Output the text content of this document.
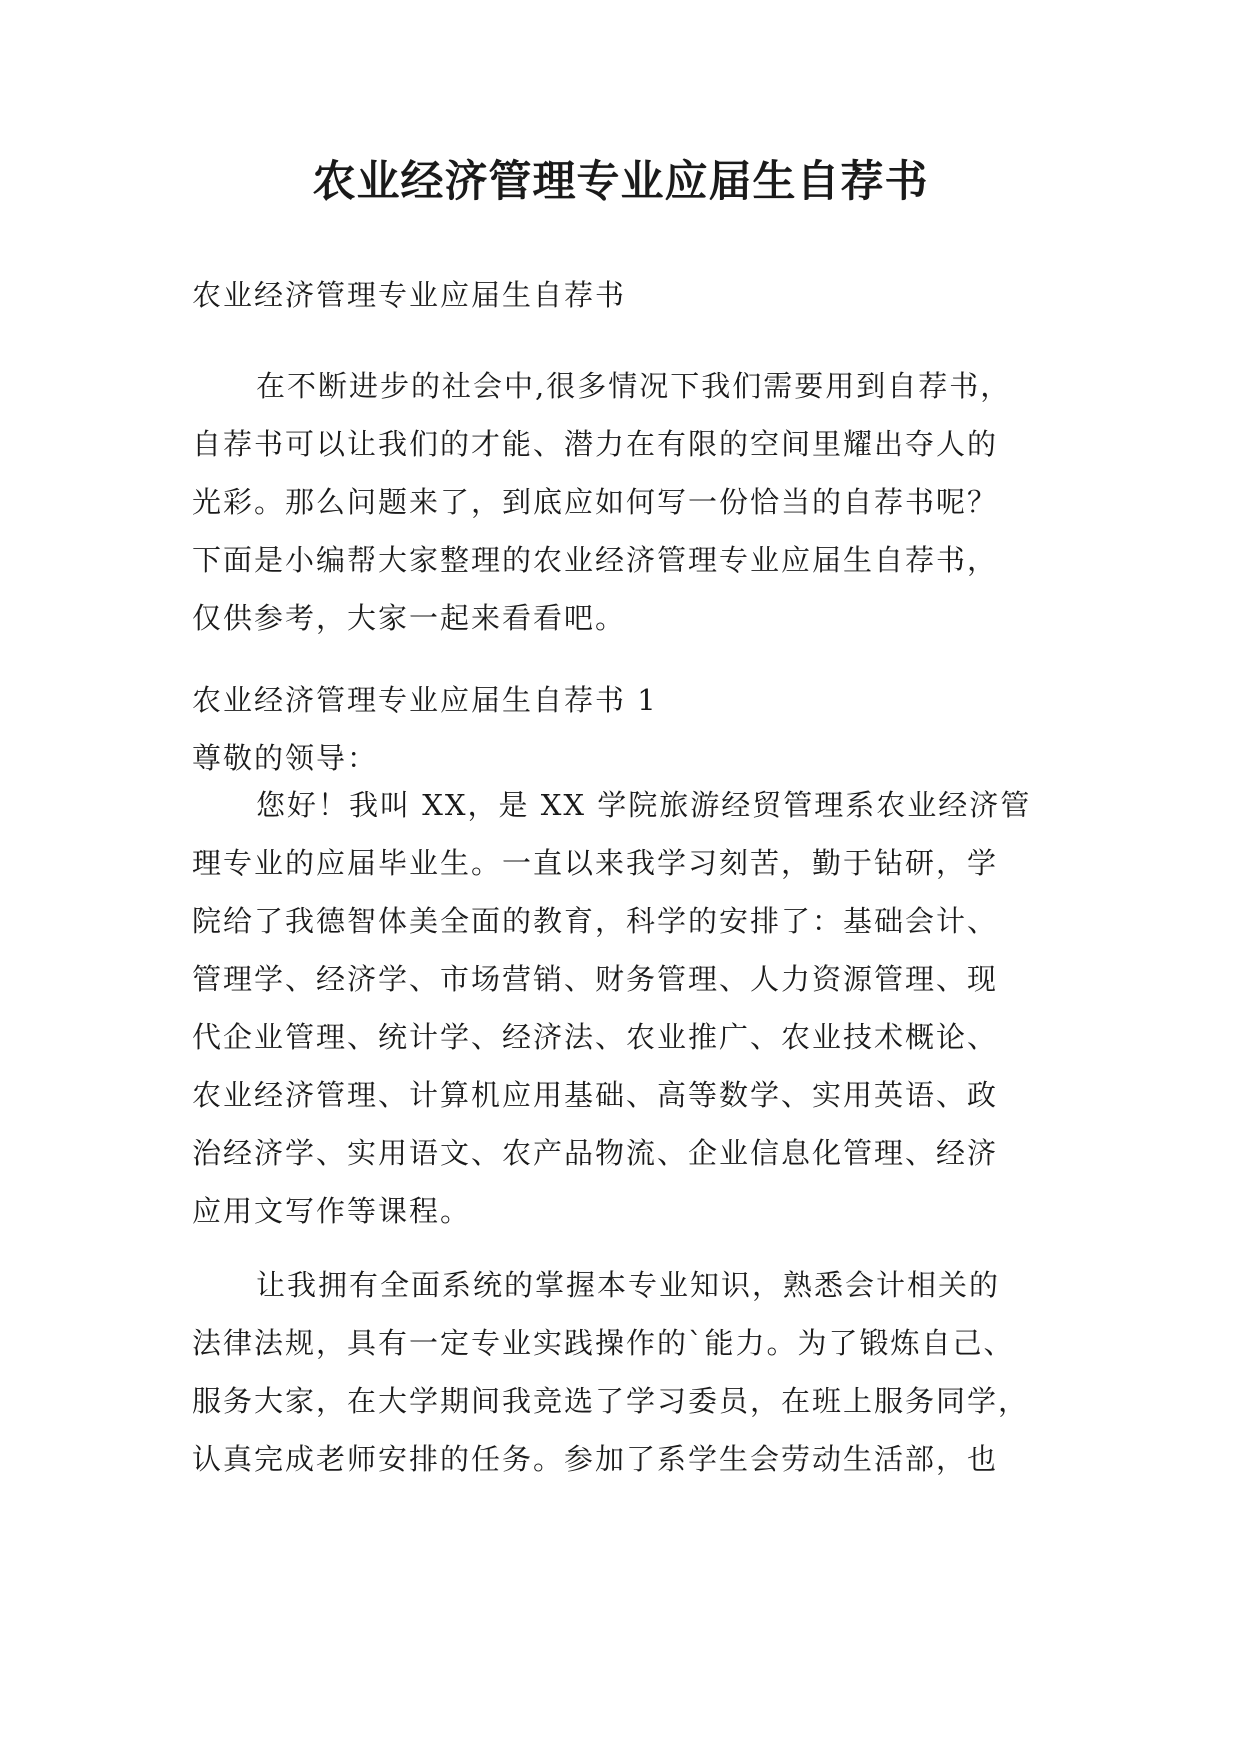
农业经济管理专业应届生自荐书
农业经济管理专业应届生自荐书
在不断进步的社会中,很多情况下我们需要用到自荐书，
自荐书可以让我们的才能、潜力在有限的空间里耀出夺人的
光彩。那么问题来了，到底应如何写一份恰当的自荐书呢？
下面是小编帮大家整理的农业经济管理专业应届生自荐书，
仅供参考，大家一起来看看吧。
农业经济管理专业应届生自荐书 1
尊敬的领导：
您好！我叫 XX，是 XX 学院旅游经贸管理系农业经济管
理专业的应届毕业生。一直以来我学习刻苦，勤于钻研，学
院给了我德智体美全面的教育，科学的安排了：基础会计、
管理学、经济学、市场营销、财务管理、人力资源管理、现
代企业管理、统计学、经济法、农业推广、农业技术概论、
农业经济管理、计算机应用基础、高等数学、实用英语、政
治经济学、实用语文、农产品物流、企业信息化管理、经济
应用文写作等课程。
让我拥有全面系统的掌握本专业知识，熟悉会计相关的
法律法规，具有一定专业实践操作的`能力。为了锻炼自己、
服务大家，在大学期间我竞选了学习委员，在班上服务同学，
认真完成老师安排的任务。参加了系学生会劳动生活部，也
